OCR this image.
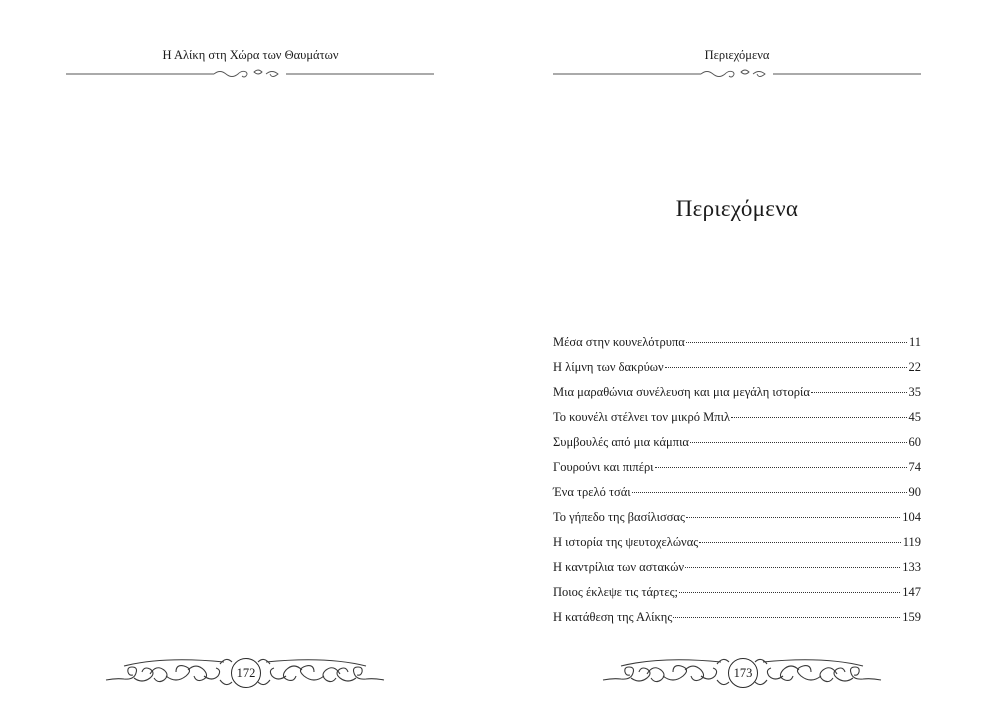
Η Αλίκη στη Χώρα των Θαυμάτων
172
Περιεχόμενα
Περιεχόμενα
Μέσα στην κουνελότρυπα	11
Η λίμνη των δακρύων	22
Μια μαραθώνια συνέλευση και μια μεγάλη ιστορία	35
Το κουνέλι στέλνει τον μικρό Μπιλ	45
Συμβουλές από μια κάμπια	60
Γουρούνι και πιπέρι	74
Ένα τρελό τσάι	90
Το γήπεδο της βασίλισσας	104
Η ιστορία της ψευτοχελώνας	119
Η καντρίλια των αστακών	133
Ποιος έκλεψε τις τάρτες;	147
Η κατάθεση της Αλίκης	159
173
